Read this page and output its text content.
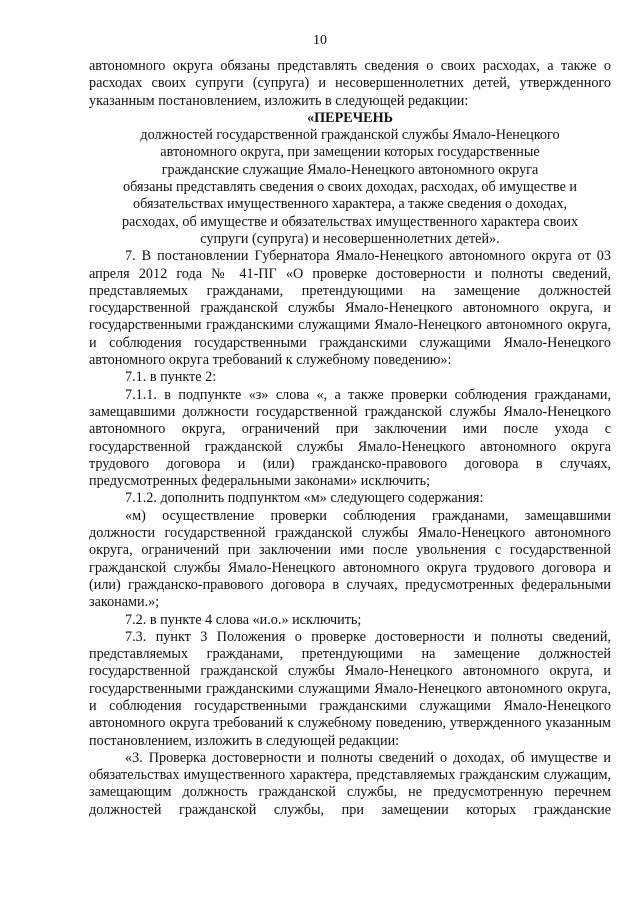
10

автономного округа обязаны представлять сведения о своих расходах, а также о расходах своих супруги (супруга) и несовершеннолетних детей, утвержденного указанным постановлением, изложить в следующей редакции:

«ПЕРЕЧЕНЬ

должностей государственной гражданской службы Ямало-Ненецкого автономного округа, при замещении которых государственные гражданские служащие Ямало-Ненецкого автономного округа

обязаны представлять сведения о своих доходах, расходах, об имуществе и обязательствах имущественного характера, а также сведения о доходах, расходах, об имуществе и обязательствах имущественного характера своих супруги (супруга) и несовершеннолетних детей».

7. В постановлении Губернатора Ямало-Ненецкого автономного округа от 03 апреля 2012 года № 41-ПГ «О проверке достоверности и полноты сведений, представляемых гражданами, претендующими на замещение должностей государственной гражданской службы Ямало-Ненецкого автономного округа, и государственными гражданскими служащими Ямало-Ненецкого автономного округа, и соблюдения государственными гражданскими служащими Ямало-Ненецкого автономного округа требований к служебному поведению»:

7.1. в пункте 2:

7.1.1. в подпункте «з» слова «, а также проверки соблюдения гражданами, замещавшими должности государственной гражданской службы Ямало-Ненецкого автономного округа, ограничений при заключении ими после ухода с государственной гражданской службы Ямало-Ненецкого автономного округа трудового договора и (или) гражданско-правового договора в случаях, предусмотренных федеральными законами» исключить;

7.1.2. дополнить подпунктом «м» следующего содержания:

«м) осуществление проверки соблюдения гражданами, замещавшими должности государственной гражданской службы Ямало-Ненецкого автономного округа, ограничений при заключении ими после увольнения с государственной гражданской службы Ямало-Ненецкого автономного округа трудового договора и (или) гражданско-правового договора в случаях, предусмотренных федеральными законами.»;

7.2. в пункте 4 слова «и.о.» исключить;

7.3. пункт 3 Положения о проверке достоверности и полноты сведений, представляемых гражданами, претендующими на замещение должностей государственной гражданской службы Ямало-Ненецкого автономного округа, и государственными гражданскими служащими Ямало-Ненецкого автономного округа, и соблюдения государственными гражданскими служащими Ямало-Ненецкого автономного округа требований к служебному поведению, утвержденного указанным постановлением, изложить в следующей редакции:

«3. Проверка достоверности и полноты сведений о доходах, об имуществе и обязательствах имущественного характера, представляемых гражданским служащим, замещающим должность гражданской службы, не предусмотренную перечнем должностей гражданской службы, при замещении которых гражданские
